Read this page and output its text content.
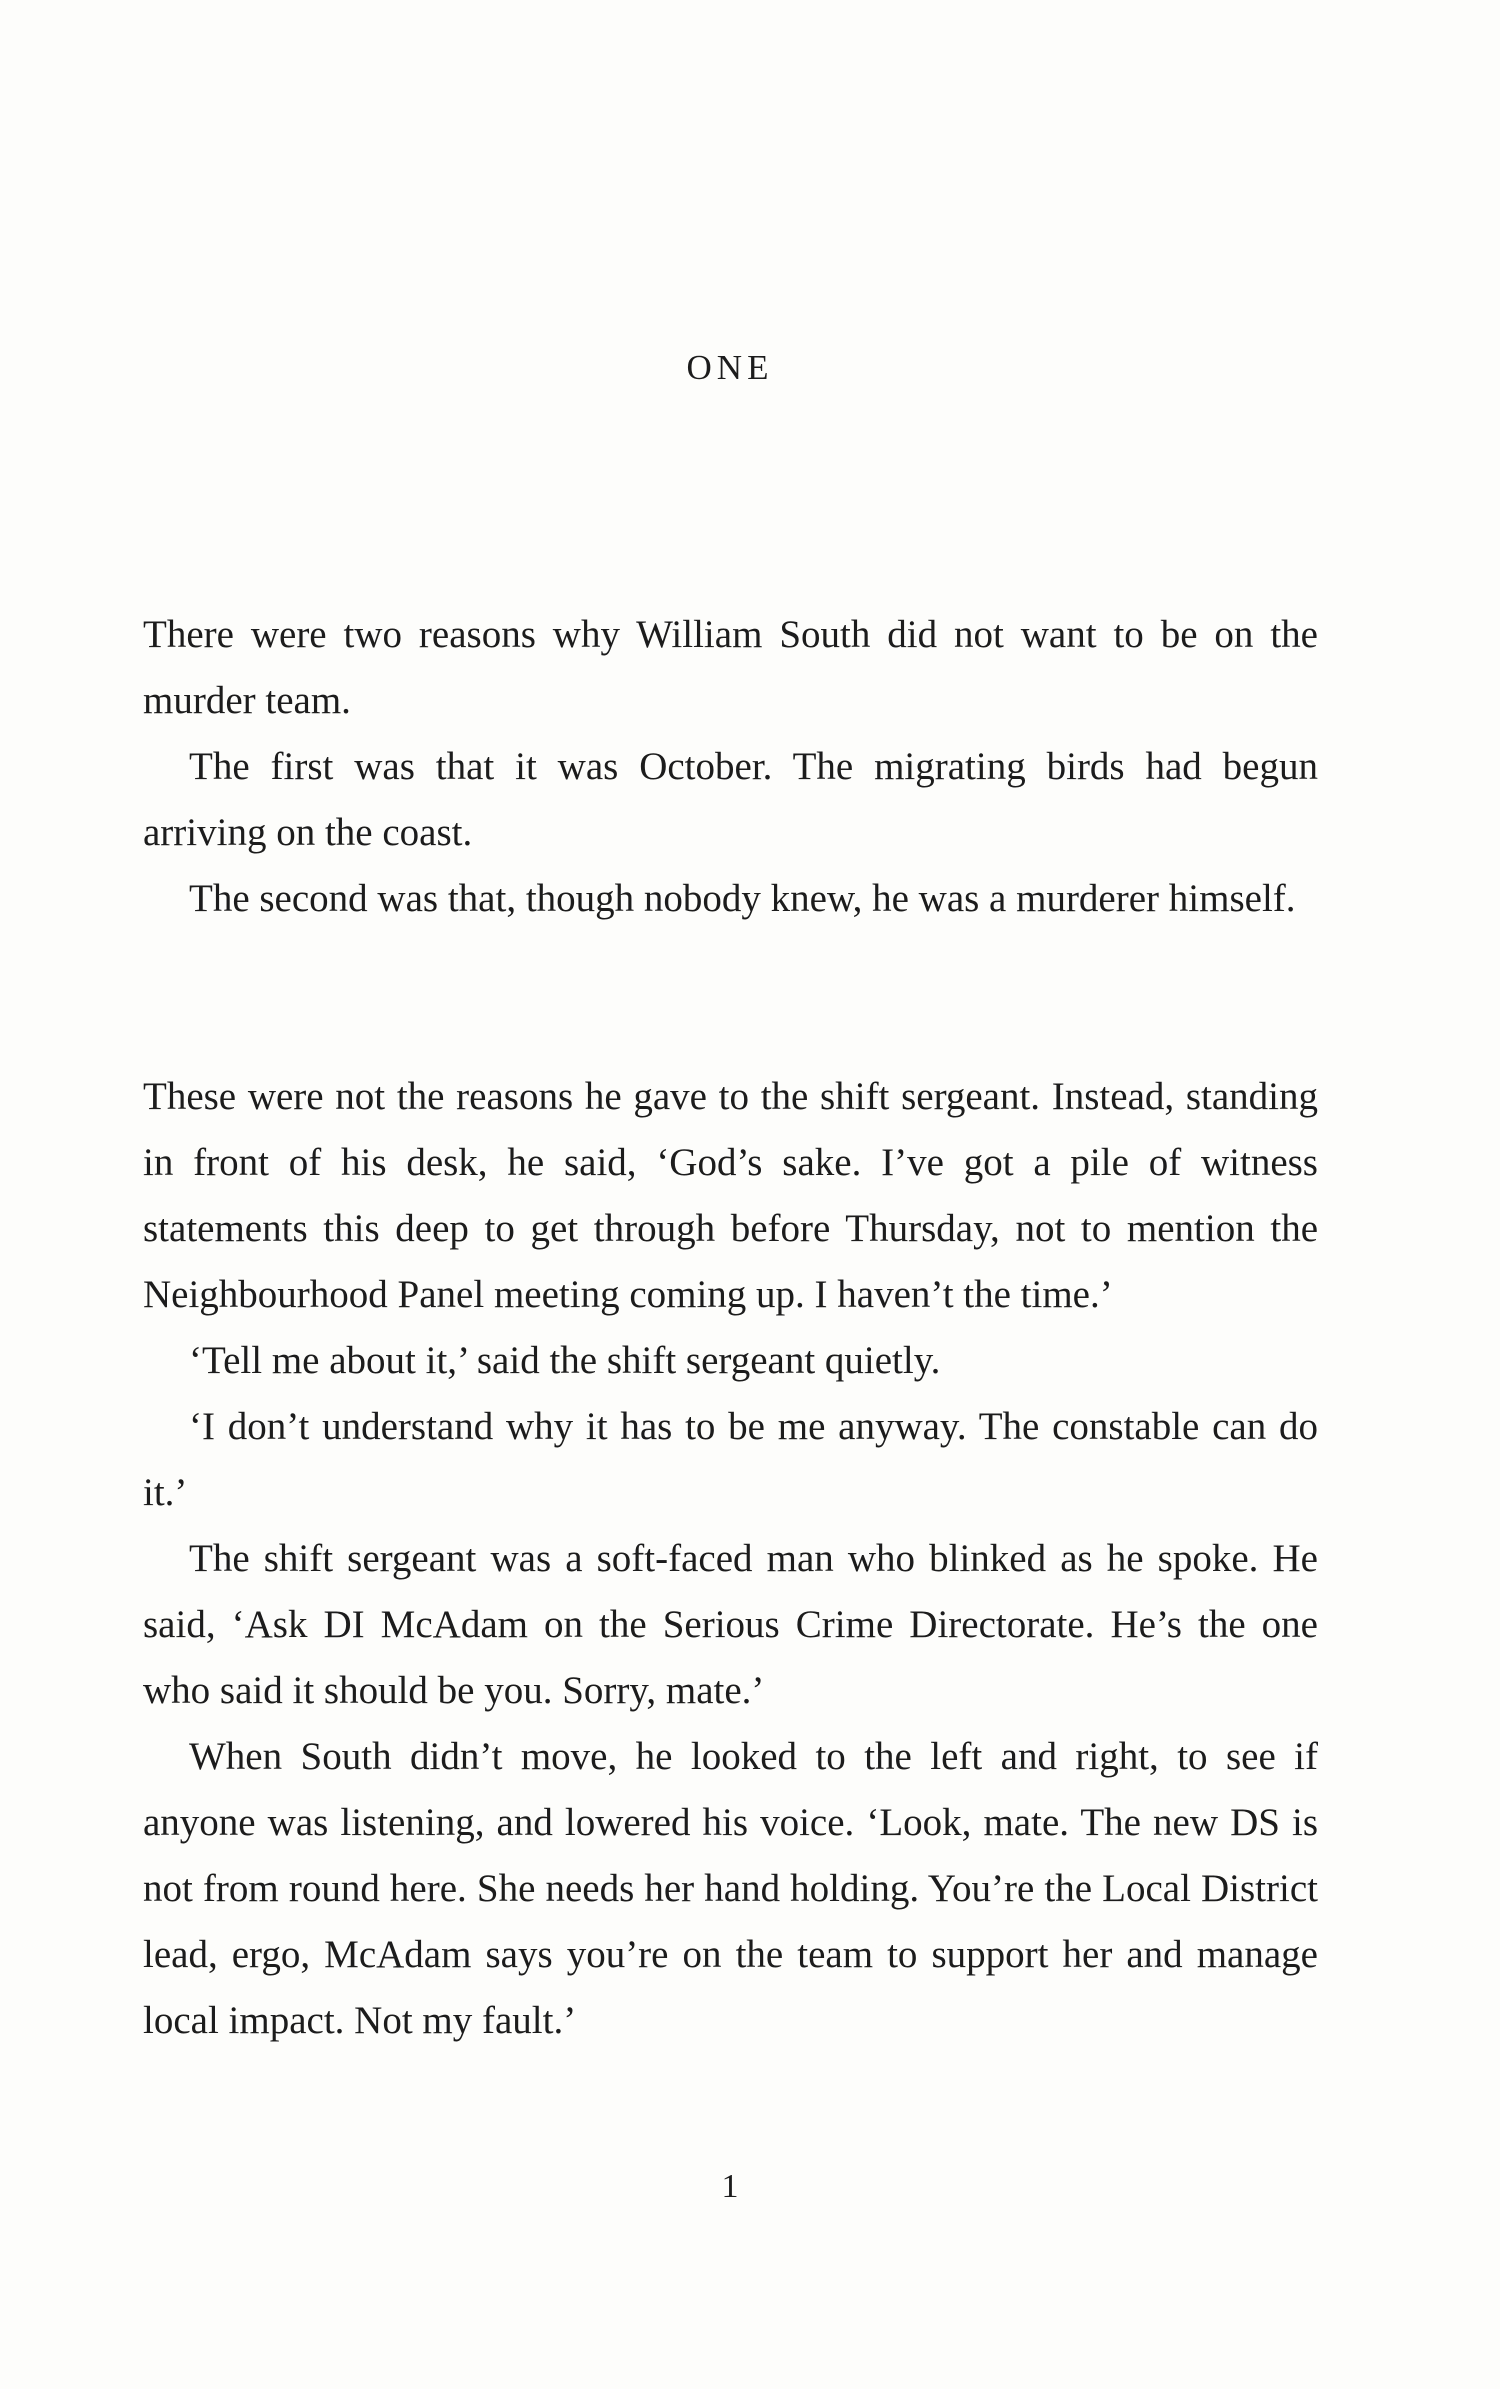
ONE

There were two reasons why William South did not want to be on the murder team.

The first was that it was October. The migrating birds had begun arriving on the coast.

The second was that, though nobody knew, he was a murderer himself.

These were not the reasons he gave to the shift sergeant. Instead, standing in front of his desk, he said, ‘God’s sake. I’ve got a pile of witness statements this deep to get through before Thursday, not to mention the Neighbourhood Panel meeting coming up. I haven’t the time.’

‘Tell me about it,’ said the shift sergeant quietly.

‘I don’t understand why it has to be me anyway. The constable can do it.’

The shift sergeant was a soft-faced man who blinked as he spoke. He said, ‘Ask DI McAdam on the Serious Crime Directorate. He’s the one who said it should be you. Sorry, mate.’

When South didn’t move, he looked to the left and right, to see if anyone was listening, and lowered his voice. ‘Look, mate. The new DS is not from round here. She needs her hand holding. You’re the Local District lead, ergo, McAdam says you’re on the team to support her and manage local impact. Not my fault.’

1
